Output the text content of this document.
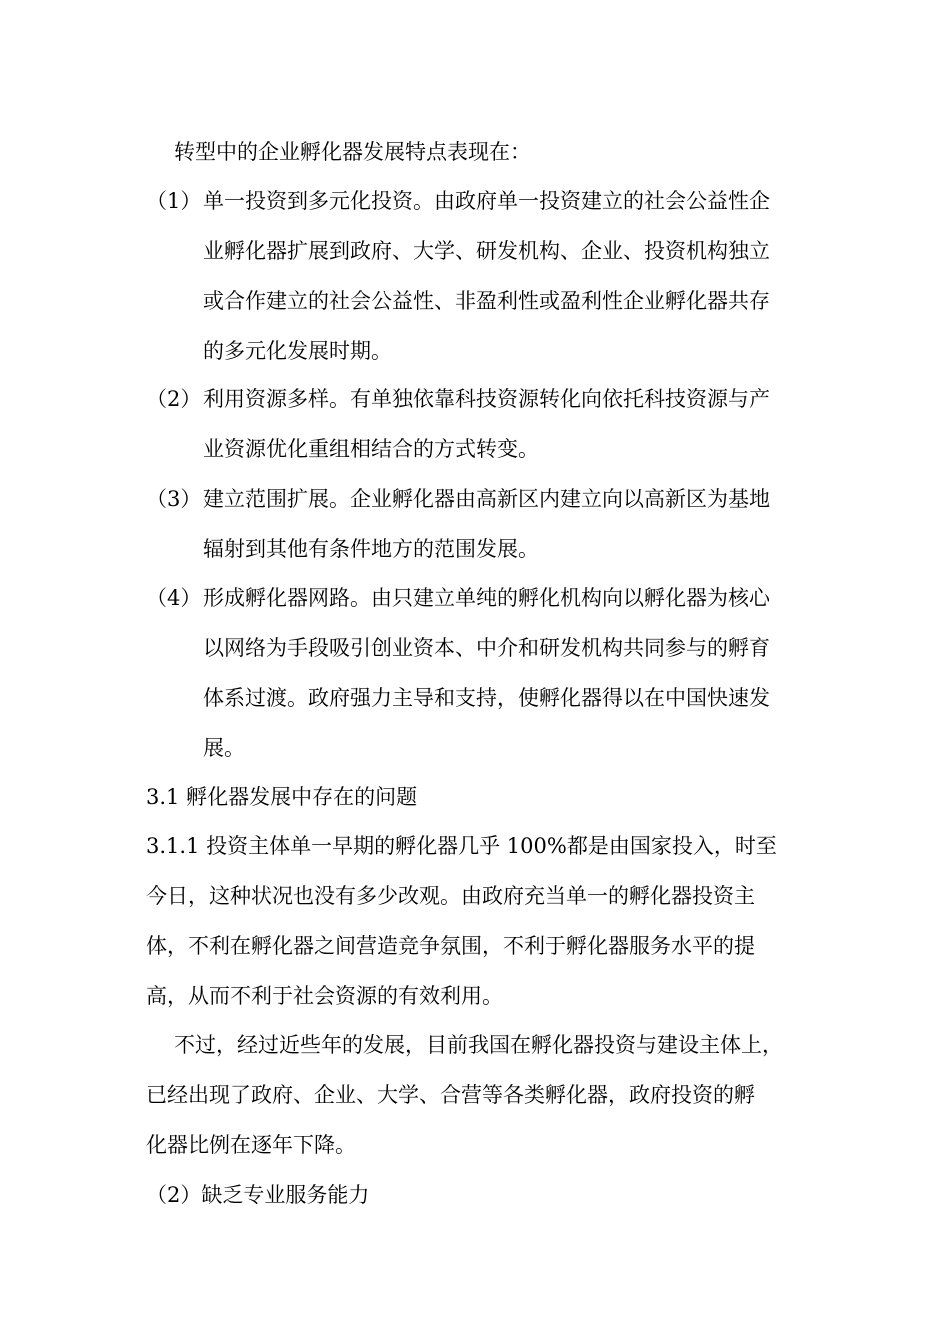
转型中的企业孵化器发展特点表现在：
（1） 单一投资到多元化投资。由政府单一投资建立的社会公益性企
业孵化器扩展到政府、大学、研发机构、企业、投资机构独立
或合作建立的社会公益性、非盈利性或盈利性企业孵化器共存
的多元化发展时期。
（2） 利用资源多样。有单独依靠科技资源转化向依托科技资源与产
业资源优化重组相结合的方式转变。
（3） 建立范围扩展。企业孵化器由高新区内建立向以高新区为基地
辐射到其他有条件地方的范围发展。
（4） 形成孵化器网路。由只建立单纯的孵化机构向以孵化器为核心
以网络为手段吸引创业资本、中介和研发机构共同参与的孵育
体系过渡。政府强力主导和支持，使孵化器得以在中国快速发
展。
3.1 孵化器发展中存在的问题
3.1.1 投资主体单一早期的孵化器几乎 100%都是由国家投入，时至
今日，这种状况也没有多少改观。由政府充当单一的孵化器投资主
体，不利在孵化器之间营造竞争氛围，不利于孵化器服务水平的提
高，从而不利于社会资源的有效利用。
不过，经过近些年的发展，目前我国在孵化器投资与建设主体上，
已经出现了政府、企业、大学、合营等各类孵化器，政府投资的孵
化器比例在逐年下降。
（2）缺乏专业服务能力
